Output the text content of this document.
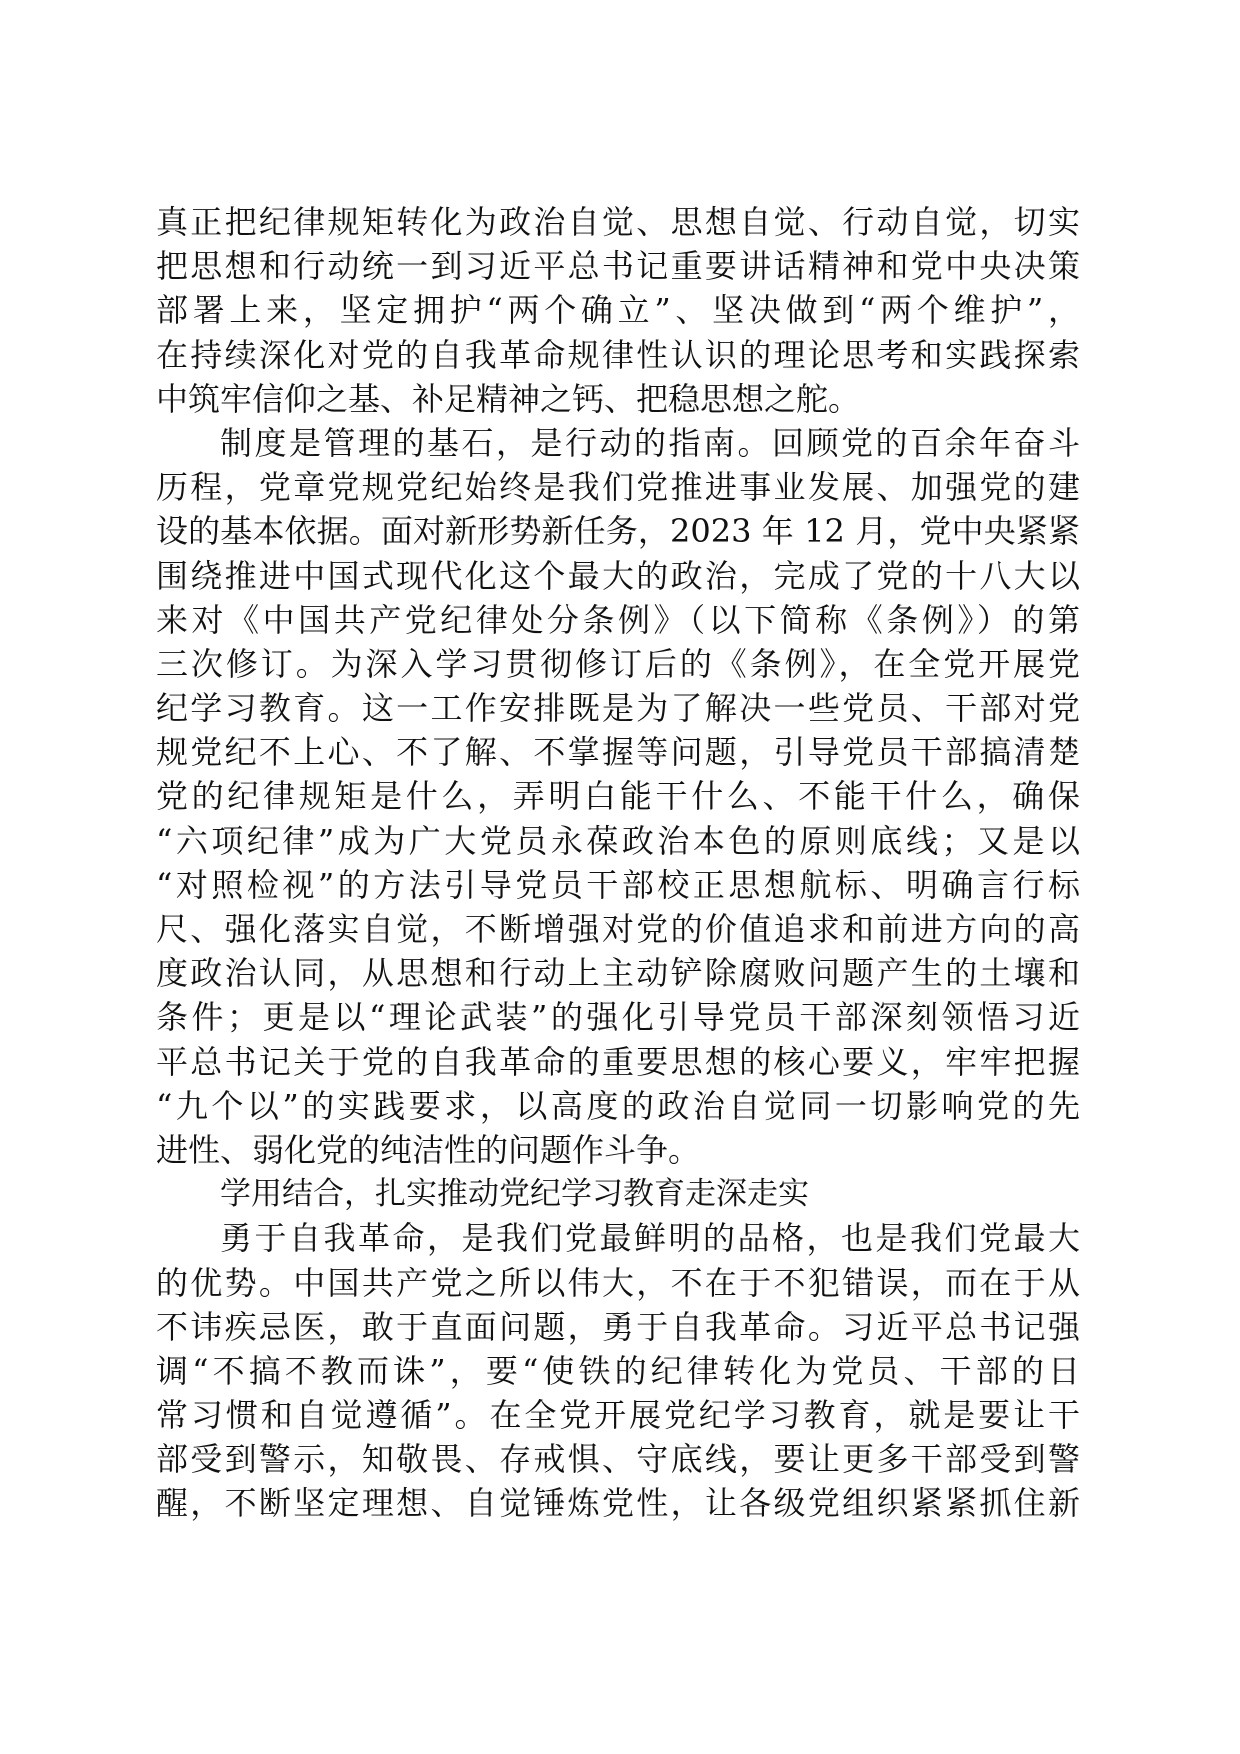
真正把纪律规矩转化为政治自觉、思想自觉、行动自觉，切实
把思想和行动统一到习近平总书记重要讲话精神和党中央决策
部署上来，坚定拥护“两个确立”、坚决做到“两个维护”，
在持续深化对党的自我革命规律性认识的理论思考和实践探索
中筑牢信仰之基、补足精神之钙、把稳思想之舵。
制度是管理的基石，是行动的指南。回顾党的百余年奋斗
历程，党章党规党纪始终是我们党推进事业发展、加强党的建
设的基本依据。面对新形势新任务，2023 年 12 月，党中央紧紧
围绕推进中国式现代化这个最大的政治，完成了党的十八大以
来对《中国共产党纪律处分条例》（以下简称《条例》）的第
三次修订。为深入学习贯彻修订后的《条例》，在全党开展党
纪学习教育。这一工作安排既是为了解决一些党员、干部对党
规党纪不上心、不了解、不掌握等问题，引导党员干部搞清楚
党的纪律规矩是什么，弄明白能干什么、不能干什么，确保
“六项纪律”成为广大党员永葆政治本色的原则底线；又是以
“对照检视”的方法引导党员干部校正思想航标、明确言行标
尺、强化落实自觉，不断增强对党的价值追求和前进方向的高
度政治认同，从思想和行动上主动铲除腐败问题产生的土壤和
条件；更是以“理论武装”的强化引导党员干部深刻领悟习近
平总书记关于党的自我革命的重要思想的核心要义，牢牢把握
“九个以”的实践要求，以高度的政治自觉同一切影响党的先
进性、弱化党的纯洁性的问题作斗争。
学用结合，扎实推动党纪学习教育走深走实
勇于自我革命，是我们党最鲜明的品格，也是我们党最大
的优势。中国共产党之所以伟大，不在于不犯错误，而在于从
不讳疾忌医，敢于直面问题，勇于自我革命。习近平总书记强
调“不搞不教而诛”，要“使铁的纪律转化为党员、干部的日
常习惯和自觉遵循”。在全党开展党纪学习教育，就是要让干
部受到警示，知敬畏、存戒惧、守底线，要让更多干部受到警
醒，不断坚定理想、自觉锤炼党性，让各级党组织紧紧抓住新
